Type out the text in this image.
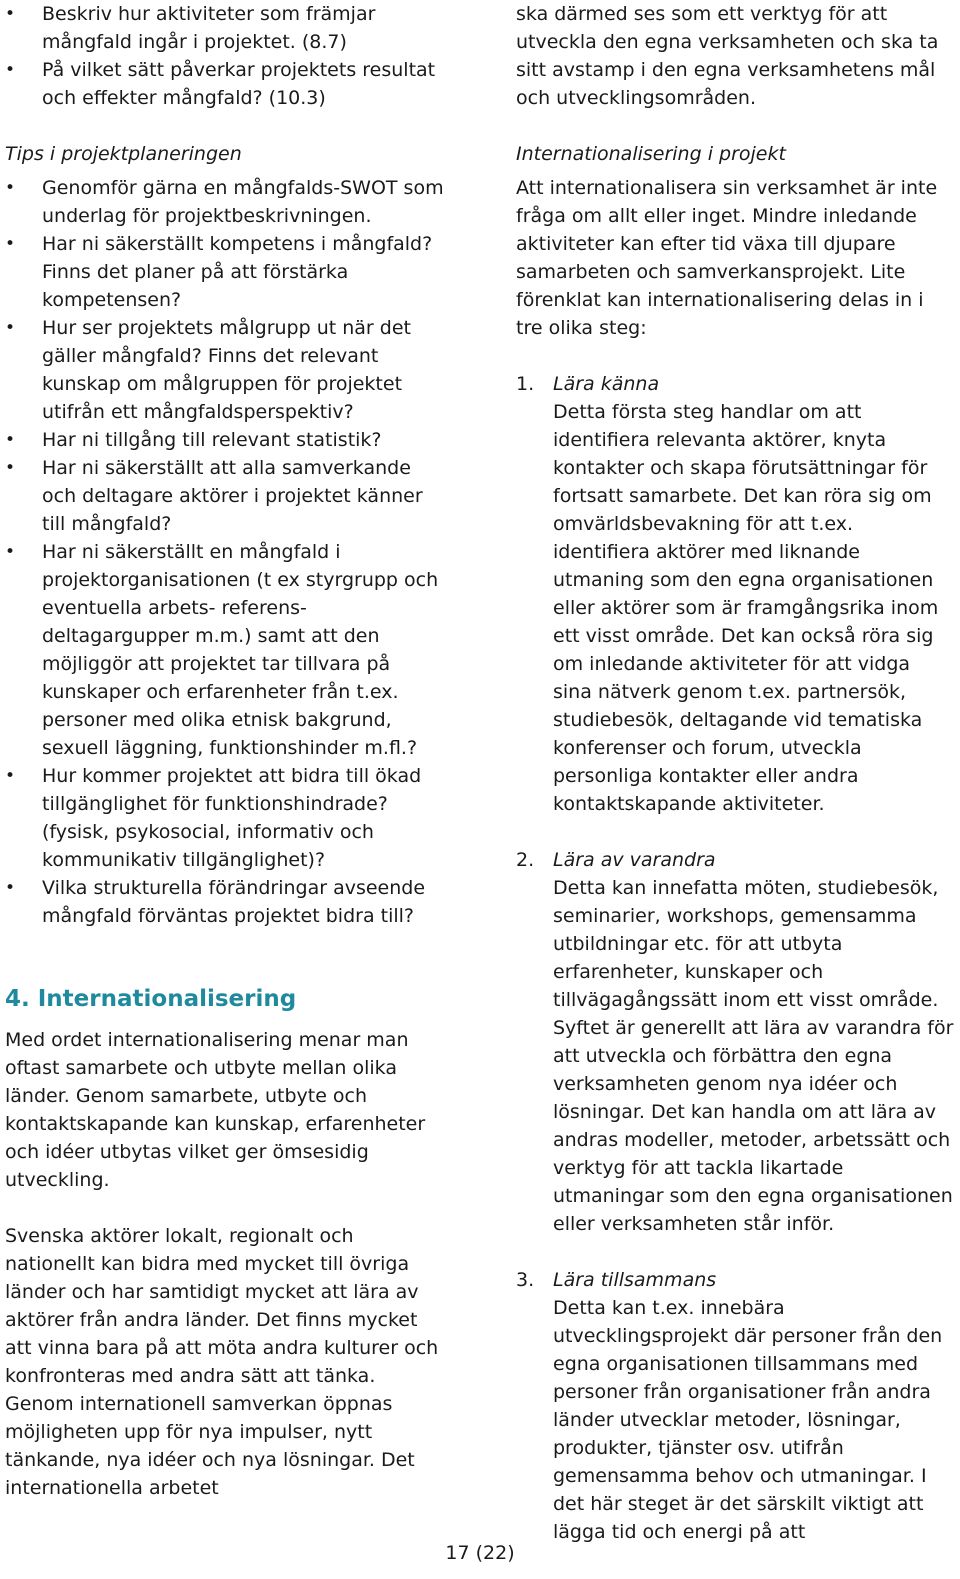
• Beskriv hur aktiviteter som främjar mångfald ingår i projektet. (8.7)
• På vilket sätt påverkar projektets resultat och effekter mångfald? (10.3)
Tips i projektplaneringen
• Genomför gärna en mångfalds-SWOT som underlag för projektbeskrivningen.
• Har ni säkerställt kompetens i mångfald? Finns det planer på att förstärka kompetensen?
• Hur ser projektets målgrupp ut när det gäller mångfald? Finns det relevant kunskap om målgruppen för projektet utifrån ett mångfaldsperspektiv?
• Har ni tillgång till relevant statistik?
• Har ni säkerställt att alla samverkande och deltagare aktörer i projektet känner till mångfald?
• Har ni säkerställt en mångfald i projektorganisationen (t ex styrgrupp och eventuella arbets- referens- deltagargupper m.m.) samt att den möjliggör att projektet tar tillvara på kunskaper och erfarenheter från t.ex. personer med olika etnisk bakgrund, sexuell läggning, funktionshinder m.fl.?
• Hur kommer projektet att bidra till ökad tillgänglighet för funktionshindrade? (fysisk, psykosocial, informativ och kommunikativ tillgänglighet)?
• Vilka strukturella förändringar avseende mångfald förväntas projektet bidra till?
4. Internationalisering

Med ordet internationalisering menar man oftast samarbete och utbyte mellan olika länder. Genom samarbete, utbyte och kontaktskapande kan kunskap, erfarenheter och idéer utbytas vilket ger ömsesidig utveckling.

Svenska aktörer lokalt, regionalt och nationellt kan bidra med mycket till övriga länder och har samtidigt mycket att lära av aktörer från andra länder. Det finns mycket att vinna bara på att möta andra kulturer och konfronteras med andra sätt att tänka. Genom internationell samverkan öppnas möjligheten upp för nya impulser, nytt tänkande, nya idéer och nya lösningar. Det internationella arbetet

ska därmed ses som ett verktyg för att utveckla den egna verksamheten och ska ta sitt avstamp i den egna verksamhetens mål och utvecklingsområden.

Internationalisering i projekt

Att internationalisera sin verksamhet är inte fråga om allt eller inget. Mindre inledande aktiviteter kan efter tid växa till djupare samarbeten och samverkansprojekt. Lite förenklat kan internationalisering delas in i tre olika steg:

1. Lära känna
Detta första steg handlar om att identifiera relevanta aktörer, knyta kontakter och skapa förutsättningar för fortsatt samarbete. Det kan röra sig om omvärldsbevakning för att t.ex. identifiera aktörer med liknande utmaning som den egna organisationen eller aktörer som är framgångsrika inom ett visst område. Det kan också röra sig om inledande aktiviteter för att vidga sina nätverk genom t.ex. partnersök, studiebesök, deltagande vid tematiska konferenser och forum, utveckla personliga kontakter eller andra kontaktskapande aktiviteter.
2. Lära av varandra
Detta kan innefatta möten, studiebesök, seminarier, workshops, gemensamma utbildningar etc. för att utbyta erfarenheter, kunskaper och tillvägagångssätt inom ett visst område. Syftet är generellt att lära av varandra för att utveckla och förbättra den egna verksamheten genom nya idéer och lösningar. Det kan handla om att lära av andras modeller, metoder, arbetssätt och verktyg för att tackla likartade utmaningar som den egna organisationen eller verksamheten står inför.
3. Lära tillsammans
Detta kan t.ex. innebära utvecklingsprojekt där personer från den egna organisationen tillsammans med personer från organisationer från andra länder utvecklar metoder, lösningar, produkter, tjänster osv. utifrån gemensamma behov och utmaningar. I det här steget är det särskilt viktigt att lägga tid och energi på att
17 (22)
